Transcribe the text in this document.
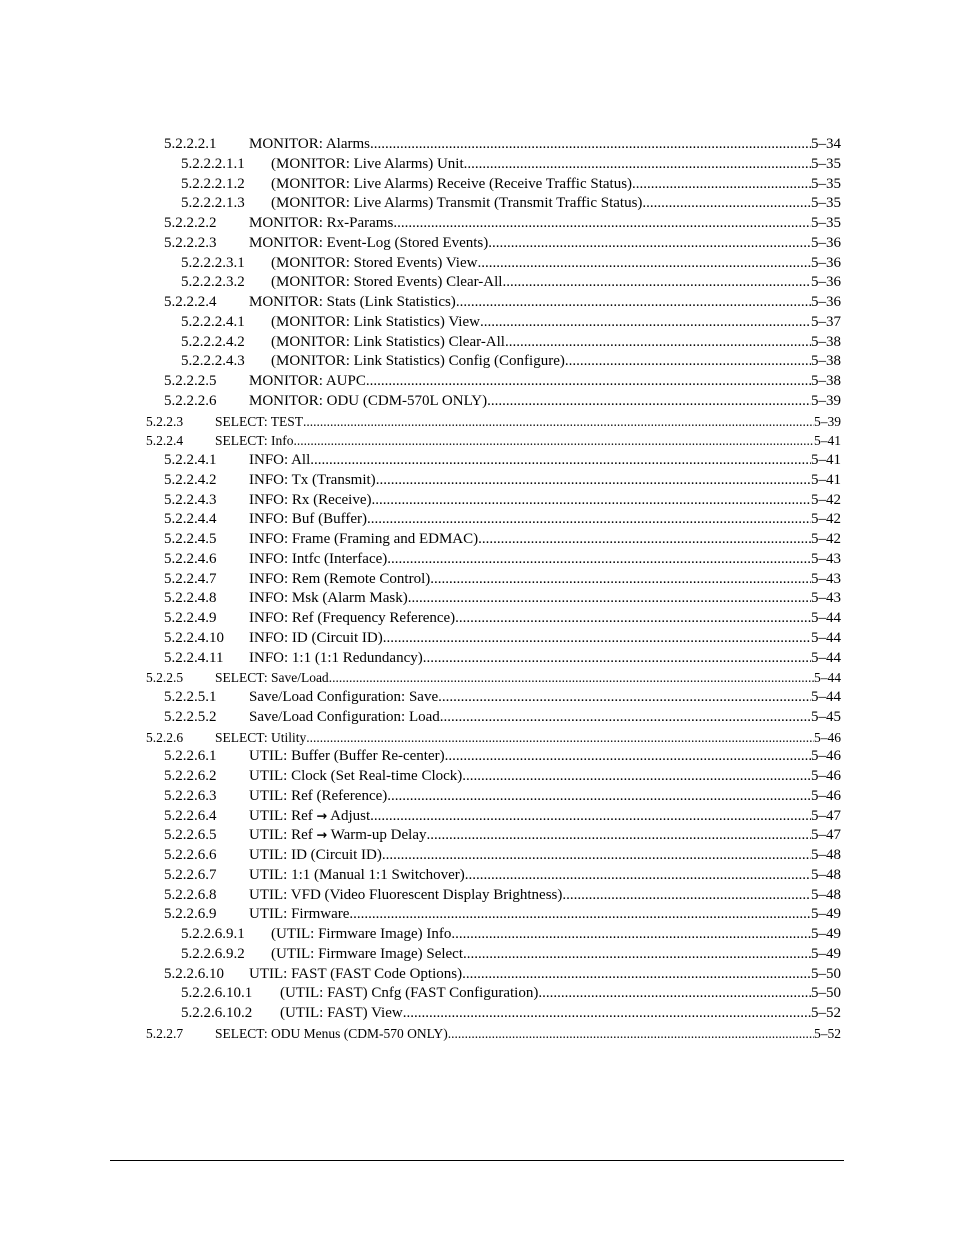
5.2.2.2.1 MONITOR: Alarms .....	5–34
5.2.2.2.1.1 (MONITOR: Live Alarms) Unit .....	5–35
5.2.2.2.1.2 (MONITOR: Live Alarms) Receive (Receive Traffic Status) .....	5–35
5.2.2.2.1.3 (MONITOR: Live Alarms) Transmit (Transmit Traffic Status) .....	5–35
5.2.2.2.2 MONITOR: Rx-Params .....	5–35
5.2.2.2.3 MONITOR: Event-Log (Stored Events) .....	5–36
5.2.2.2.3.1 (MONITOR: Stored Events) View .....	5–36
5.2.2.2.3.2 (MONITOR: Stored Events) Clear-All .....	5–36
5.2.2.2.4 MONITOR: Stats (Link Statistics) .....	5–36
5.2.2.2.4.1 (MONITOR: Link Statistics) View .....	5–37
5.2.2.2.4.2 (MONITOR: Link Statistics) Clear-All .....	5–38
5.2.2.2.4.3 (MONITOR: Link Statistics) Config (Configure) .....	5–38
5.2.2.2.5 MONITOR: AUPC .....	5–38
5.2.2.2.6 MONITOR: ODU (CDM-570L ONLY) .....	5–39
5.2.2.3 SELECT: TEST .....	5–39
5.2.2.4 SELECT: Info .....	5–41
5.2.2.4.1 INFO: All .....	5–41
5.2.2.4.2 INFO: Tx (Transmit) .....	5–41
5.2.2.4.3 INFO: Rx (Receive) .....	5–42
5.2.2.4.4 INFO: Buf (Buffer) .....	5–42
5.2.2.4.5 INFO: Frame (Framing and EDMAC) .....	5–42
5.2.2.4.6 INFO: Intfc (Interface) .....	5–43
5.2.2.4.7 INFO: Rem (Remote Control) .....	5–43
5.2.2.4.8 INFO: Msk (Alarm Mask) .....	5–43
5.2.2.4.9 INFO: Ref (Frequency Reference) .....	5–44
5.2.2.4.10 INFO: ID (Circuit ID) .....	5–44
5.2.2.4.11 INFO: 1:1 (1:1 Redundancy) .....	5–44
5.2.2.5 SELECT: Save/Load .....	5–44
5.2.2.5.1 Save/Load Configuration: Save .....	5–44
5.2.2.5.2 Save/Load Configuration: Load .....	5–45
5.2.2.6 SELECT: Utility .....	5–46
5.2.2.6.1 UTIL: Buffer (Buffer Re-center) .....	5–46
5.2.2.6.2 UTIL: Clock (Set Real-time Clock) .....	5–46
5.2.2.6.3 UTIL: Ref (Reference) .....	5–46
5.2.2.6.4 UTIL: Ref → Adjust .....	5–47
5.2.2.6.5 UTIL: Ref → Warm-up Delay .....	5–47
5.2.2.6.6 UTIL: ID (Circuit ID) .....	5–48
5.2.2.6.7 UTIL: 1:1 (Manual 1:1 Switchover) .....	5–48
5.2.2.6.8 UTIL: VFD (Video Fluorescent Display Brightness) .....	5–48
5.2.2.6.9 UTIL: Firmware .....	5–49
5.2.2.6.9.1 (UTIL: Firmware Image) Info .....	5–49
5.2.2.6.9.2 (UTIL: Firmware Image) Select .....	5–49
5.2.2.6.10 UTIL: FAST (FAST Code Options) .....	5–50
5.2.2.6.10.1 (UTIL: FAST) Cnfg (FAST Configuration) .....	5–50
5.2.2.6.10.2 (UTIL: FAST) View .....	5–52
5.2.2.7 SELECT: ODU Menus (CDM-570 ONLY) .....	5–52
